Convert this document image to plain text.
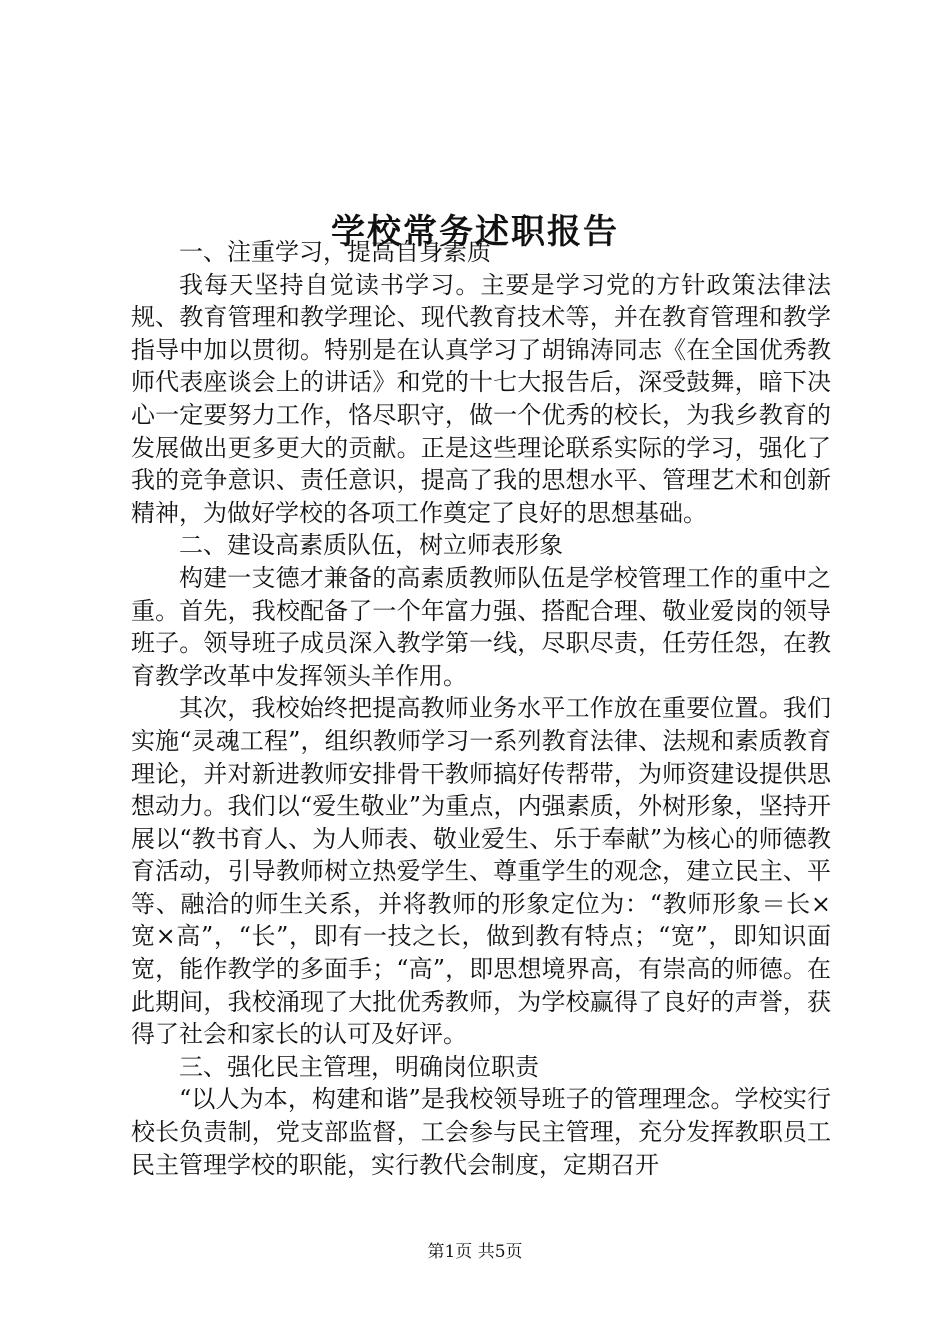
学校常务述职报告

一、注重学习，提高自身素质

我每天坚持自觉读书学习。主要是学习党的方针政策法律法规、教育管理和教学理论、现代教育技术等，并在教育管理和教学指导中加以贯彻。特别是在认真学习了胡锦涛同志《在全国优秀教师代表座谈会上的讲话》和党的十七大报告后，深受鼓舞，暗下决心一定要努力工作，恪尽职守，做一个优秀的校长，为我乡教育的发展做出更多更大的贡献。正是这些理论联系实际的学习，强化了我的竞争意识、责任意识，提高了我的思想水平、管理艺术和创新精神，为做好学校的各项工作奠定了良好的思想基础。

二、建设高素质队伍，树立师表形象

构建一支德才兼备的高素质教师队伍是学校管理工作的重中之重。首先，我校配备了一个年富力强、搭配合理、敬业爱岗的领导班子。领导班子成员深入教学第一线，尽职尽责，任劳任怨，在教育教学改革中发挥领头羊作用。

其次，我校始终把提高教师业务水平工作放在重要位置。我们实施“灵魂工程”，组织教师学习一系列教育法律、法规和素质教育理论，并对新进教师安排骨干教师搞好传帮带，为师资建设提供思想动力。我们以“爱生敬业”为重点，内强素质，外树形象，坚持开展以“教书育人、为人师表、敬业爱生、乐于奉献”为核心的师德教育活动，引导教师树立热爱学生、尊重学生的观念，建立民主、平等、融洽的师生关系，并将教师的形象定位为：“教师形象＝长×宽×高”，“长”，即有一技之长，做到教有特点；“宽”，即知识面宽，能作教学的多面手；“高”，即思想境界高，有崇高的师德。在此期间，我校涌现了大批优秀教师，为学校赢得了良好的声誉，获得了社会和家长的认可及好评。

三、强化民主管理，明确岗位职责

“以人为本，构建和谐”是我校领导班子的管理理念。学校实行校长负责制，党支部监督，工会参与民主管理，充分发挥教职员工民主管理学校的职能，实行教代会制度，定期召开

第1页 共5页
